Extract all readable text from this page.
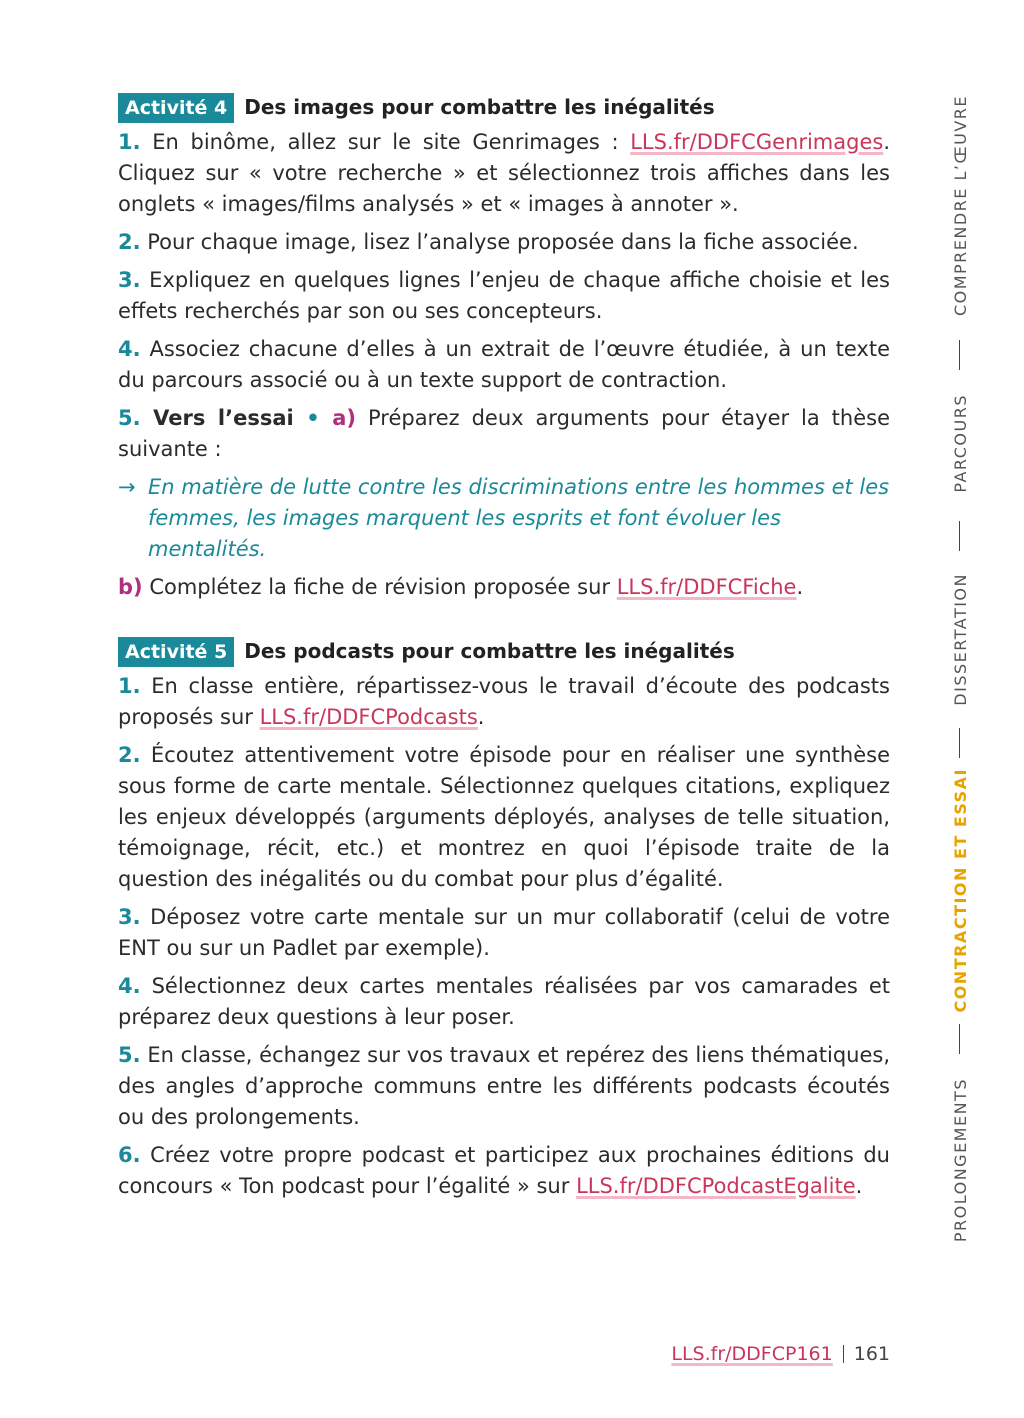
Activité 4 Des images pour combattre les inégalités

1. En binôme, allez sur le site Genrimages : LLS.fr/DDFCGenrimages. Cliquez sur « votre recherche » et sélectionnez trois affiches dans les onglets « images/films analysés » et « images à annoter ».

2. Pour chaque image, lisez l’analyse proposée dans la fiche associée.

3. Expliquez en quelques lignes l’enjeu de chaque affiche choisie et les effets recherchés par son ou ses concepteurs.

4. Associez chacune d’elles à un extrait de l’œuvre étudiée, à un texte du parcours associé ou à un texte support de contraction.

5. Vers l’essai • a) Préparez deux arguments pour étayer la thèse suivante :

→ En matière de lutte contre les discriminations entre les hommes et les femmes, les images marquent les esprits et font évoluer les mentalités.

b) Complétez la fiche de révision proposée sur LLS.fr/DDFCFiche.

Activité 5 Des podcasts pour combattre les inégalités

1. En classe entière, répartissez-vous le travail d’écoute des podcasts proposés sur LLS.fr/DDFCPodcasts.

2. Écoutez attentivement votre épisode pour en réaliser une synthèse sous forme de carte mentale. Sélectionnez quelques citations, expliquez les enjeux développés (arguments déployés, analyses de telle situation, témoignage, récit, etc.) et montrez en quoi l’épisode traite de la question des inégalités ou du combat pour plus d’égalité.

3. Déposez votre carte mentale sur un mur collaboratif (celui de votre ENT ou sur un Padlet par exemple).

4. Sélectionnez deux cartes mentales réalisées par vos camarades et préparez deux questions à leur poser.

5. En classe, échangez sur vos travaux et repérez des liens thématiques, des angles d’approche communs entre les différents podcasts écoutés ou des prolongements.

6. Créez votre propre podcast et participez aux prochaines éditions du concours « Ton podcast pour l’égalité » sur LLS.fr/DDFCPodcastEgalite.

COMPRENDRE L’ŒUVRE
PARCOURS
DISSERTATION
CONTRACTION ET ESSAI
PROLONGEMENTS
LLS.fr/DDFCP161 161
